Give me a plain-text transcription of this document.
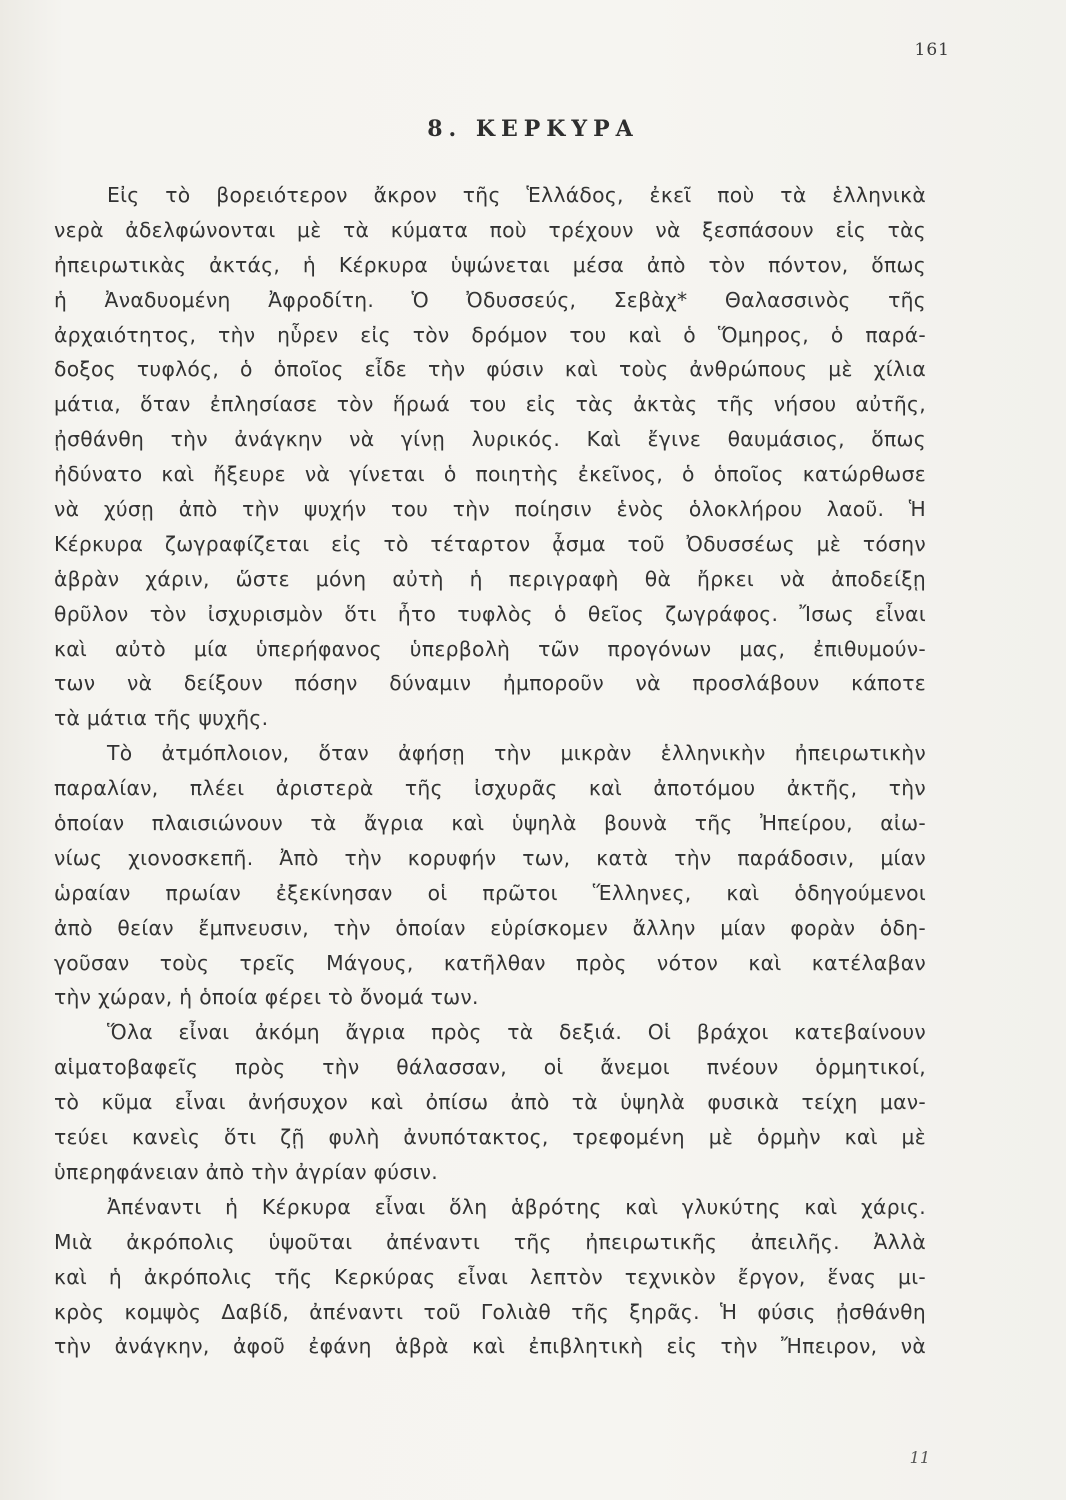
161
8. ΚΕΡΚΥΡΑ
Εἰς τὸ βορειότερον ἄκρον τῆς Ἑλλάδος, ἐκεῖ ποὺ τὰ ἑλληνικὰ
νερὰ ἀδελφώνονται μὲ τὰ κύματα ποὺ τρέχουν νὰ ξεσπάσουν εἰς τὰς
ἠπειρωτικὰς ἀκτάς, ἡ Κέρκυρα ὑψώνεται μέσα ἀπὸ τὸν πόντον, ὅπως
ἡ Ἀναδυομένη Ἀφροδίτη. Ὁ Ὀδυσσεύς, Σεβὰχ* Θαλασσινὸς τῆς
ἀρχαιότητος, τὴν ηὗρεν εἰς τὸν δρόμον του καὶ ὁ Ὅμηρος, ὁ παρά-
δοξος τυφλός, ὁ ὁποῖος εἶδε τὴν φύσιν καὶ τοὺς ἀνθρώπους μὲ χίλια
μάτια, ὅταν ἐπλησίασε τὸν ἥρωά του εἰς τὰς ἀκτὰς τῆς νήσου αὐτῆς,
ᾐσθάνθη τὴν ἀνάγκην νὰ γίνῃ λυρικός. Καὶ ἔγινε θαυμάσιος, ὅπως
ἠδύνατο καὶ ἤξευρε νὰ γίνεται ὁ ποιητὴς ἐκεῖνος, ὁ ὁποῖος κατώρθωσε
νὰ χύσῃ ἀπὸ τὴν ψυχήν του τὴν ποίησιν ἑνὸς ὁλοκλήρου λαοῦ. Ἡ
Κέρκυρα ζωγραφίζεται εἰς τὸ τέταρτον ᾆσμα τοῦ Ὀδυσσέως μὲ τόσην
ἁβρὰν χάριν, ὥστε μόνη αὐτὴ ἡ περιγραφὴ θὰ ἤρκει νὰ ἀποδείξῃ
θρῦλον τὸν ἰσχυρισμὸν ὅτι ἦτο τυφλὸς ὁ θεῖος ζωγράφος. Ἴσως εἶναι
καὶ αὐτὸ μία ὑπερήφανος ὑπερβολὴ τῶν προγόνων μας, ἐπιθυμούν-
των νὰ δείξουν πόσην δύναμιν ἠμποροῦν νὰ προσλάβουν κάποτε
τὰ μάτια τῆς ψυχῆς.
Τὸ ἀτμόπλοιον, ὅταν ἀφήσῃ τὴν μικρὰν ἑλληνικὴν ἠπειρωτικὴν
παραλίαν, πλέει ἀριστερὰ τῆς ἰσχυρᾶς καὶ ἀποτόμου ἀκτῆς, τὴν
ὁποίαν πλαισιώνουν τὰ ἄγρια καὶ ὑψηλὰ βουνὰ τῆς Ἠπείρου, αἰω-
νίως χιονοσκεπῆ. Ἀπὸ τὴν κορυφήν των, κατὰ τὴν παράδοσιν, μίαν
ὡραίαν πρωίαν ἐξεκίνησαν οἱ πρῶτοι Ἕλληνες, καὶ ὁδηγούμενοι
ἀπὸ θείαν ἔμπνευσιν, τὴν ὁποίαν εὑρίσκομεν ἄλλην μίαν φορὰν ὁδη-
γοῦσαν τοὺς τρεῖς Μάγους, κατῆλθαν πρὸς νότον καὶ κατέλαβαν
τὴν χώραν, ἡ ὁποία φέρει τὸ ὄνομά των.
Ὅλα εἶναι ἀκόμη ἄγρια πρὸς τὰ δεξιά. Οἱ βράχοι κατεβαίνουν
αἱματοβαφεῖς πρὸς τὴν θάλασσαν, οἱ ἄνεμοι πνέουν ὁρμητικοί,
τὸ κῦμα εἶναι ἀνήσυχον καὶ ὀπίσω ἀπὸ τὰ ὑψηλὰ φυσικὰ τείχη μαν-
τεύει κανεὶς ὅτι ζῇ φυλὴ ἀνυπότακτος, τρεφομένη μὲ ὁρμὴν καὶ μὲ
ὑπερηφάνειαν ἀπὸ τὴν ἀγρίαν φύσιν.
Ἀπέναντι ἡ Κέρκυρα εἶναι ὅλη ἁβρότης καὶ γλυκύτης καὶ χάρις.
Μιὰ ἀκρόπολις ὑψοῦται ἀπέναντι τῆς ἠπειρωτικῆς ἀπειλῆς. Ἀλλὰ
καὶ ἡ ἀκρόπολις τῆς Κερκύρας εἶναι λεπτὸν τεχνικὸν ἔργον, ἕνας μι-
κρὸς κομψὸς Δαβίδ, ἀπέναντι τοῦ Γολιὰθ τῆς ξηρᾶς. Ἡ φύσις ᾐσθάνθη
τὴν ἀνάγκην, ἀφοῦ ἐφάνη ἁβρὰ καὶ ἐπιβλητικὴ εἰς τὴν Ἤπειρον, νὰ
11
